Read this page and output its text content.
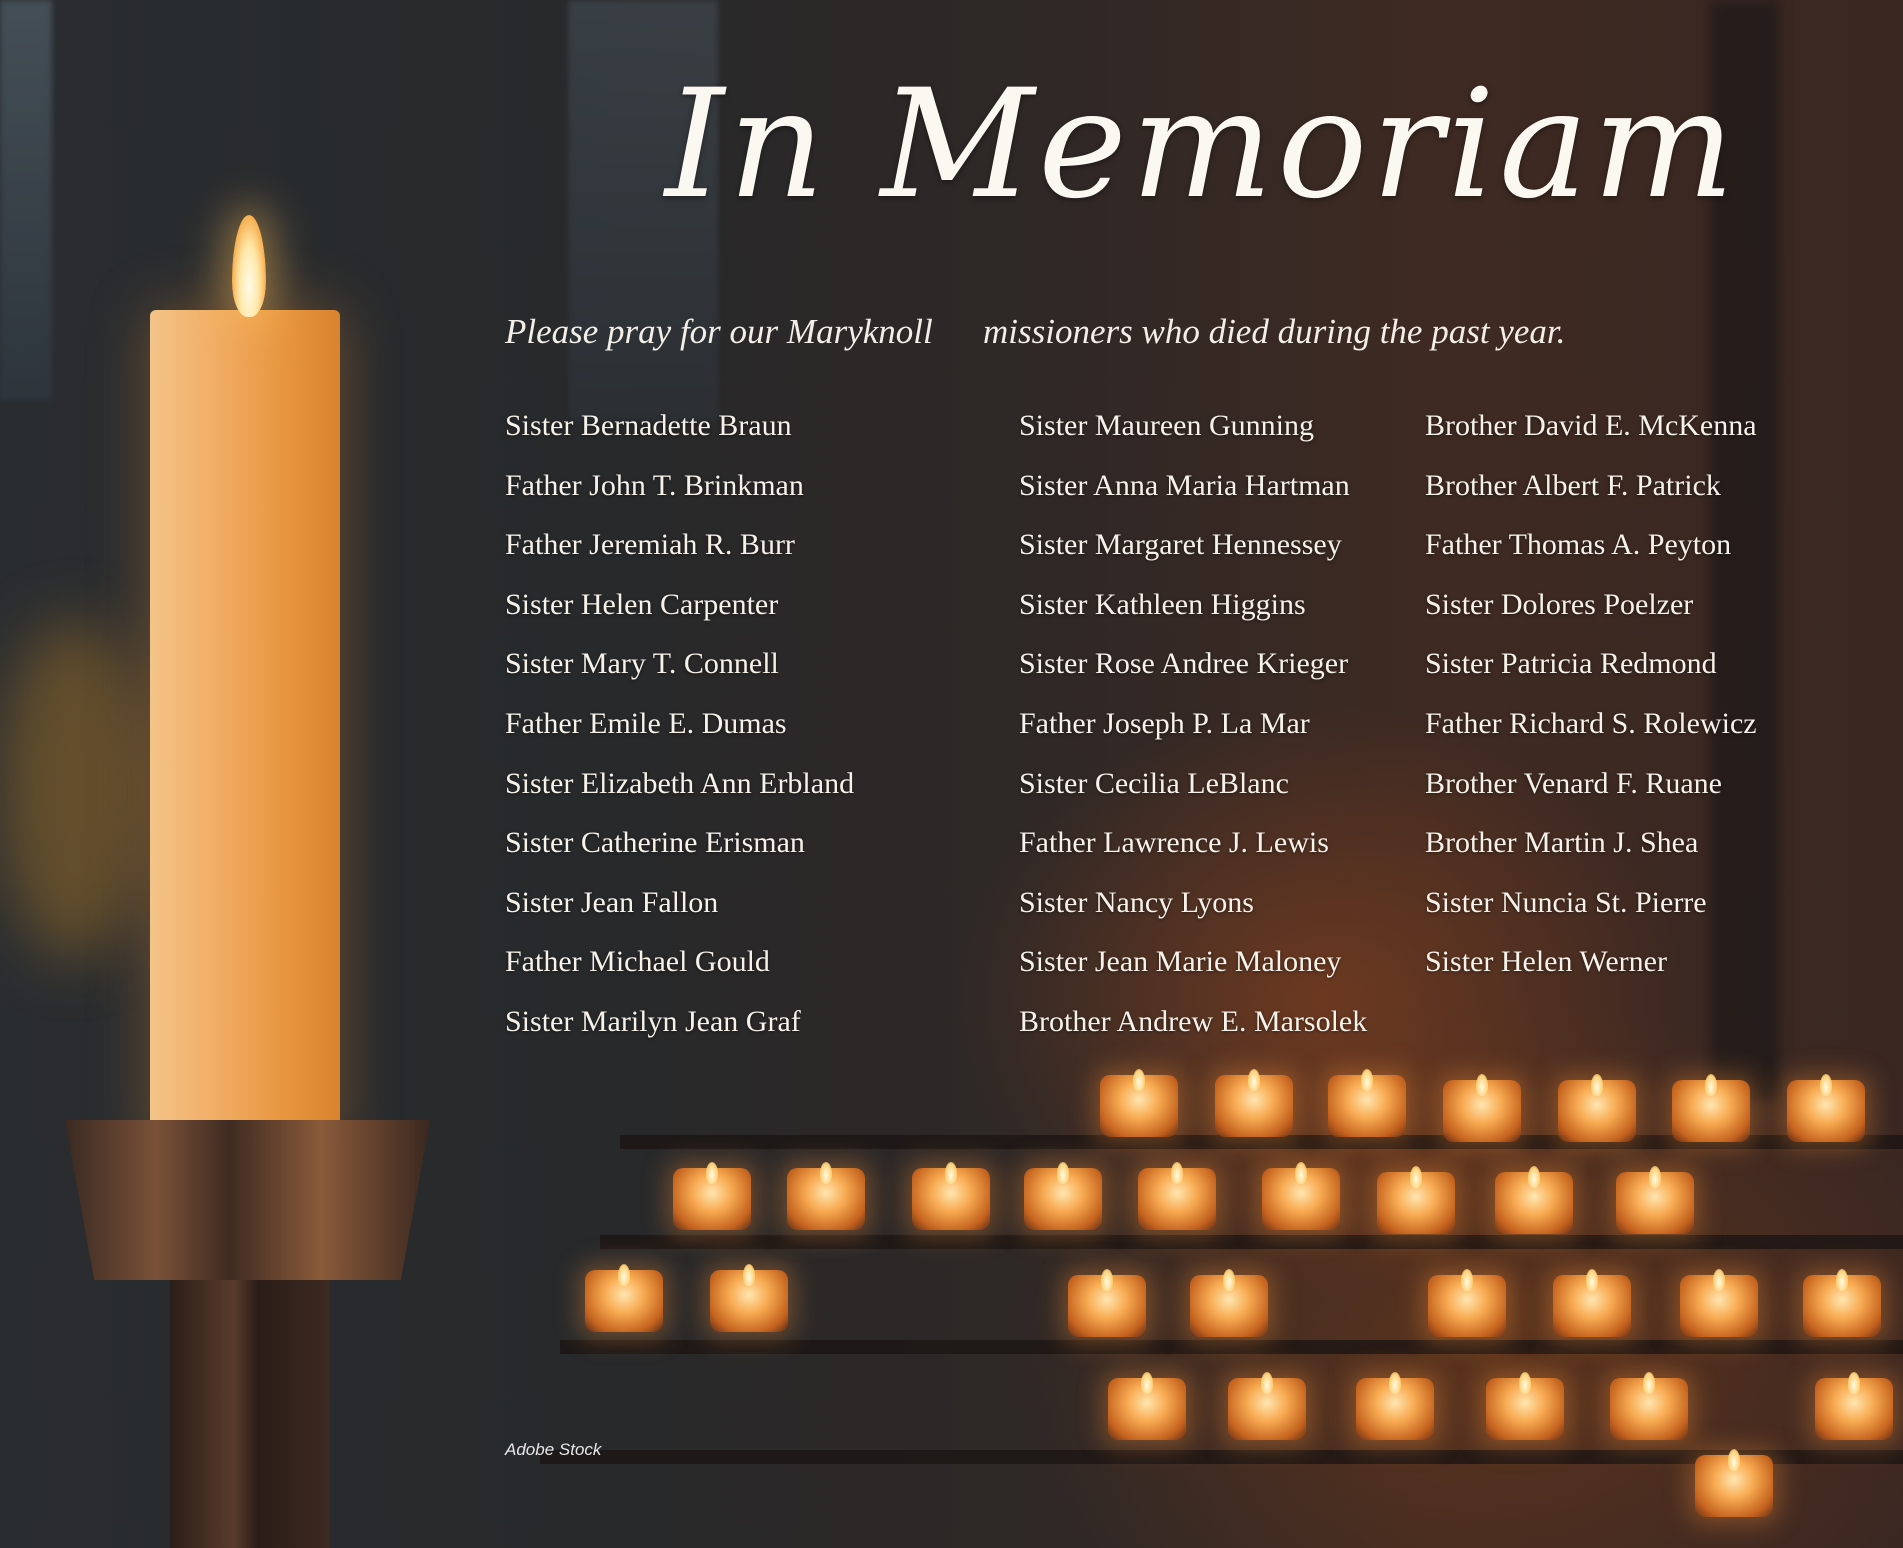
In Memoriam
Please pray for our Maryknoll missioners who died during the past year.
Sister Bernadette Braun
Father John T. Brinkman
Father Jeremiah R. Burr
Sister Helen Carpenter
Sister Mary T. Connell
Father Emile E. Dumas
Sister Elizabeth Ann Erbland
Sister Catherine Erisman
Sister Jean Fallon
Father Michael Gould
Sister Marilyn Jean Graf
Sister Maureen Gunning
Sister Anna Maria Hartman
Sister Margaret Hennessey
Sister Kathleen Higgins
Sister Rose Andree Krieger
Father Joseph P. La Mar
Sister Cecilia LeBlanc
Father Lawrence J. Lewis
Sister Nancy Lyons
Sister Jean Marie Maloney
Brother Andrew E. Marsolek
Brother David E. McKenna
Brother Albert F. Patrick
Father Thomas A. Peyton
Sister Dolores Poelzer
Sister Patricia Redmond
Father Richard S. Rolewicz
Brother Venard F. Ruane
Brother Martin J. Shea
Sister Nuncia St. Pierre
Sister Helen Werner
Adobe Stock
